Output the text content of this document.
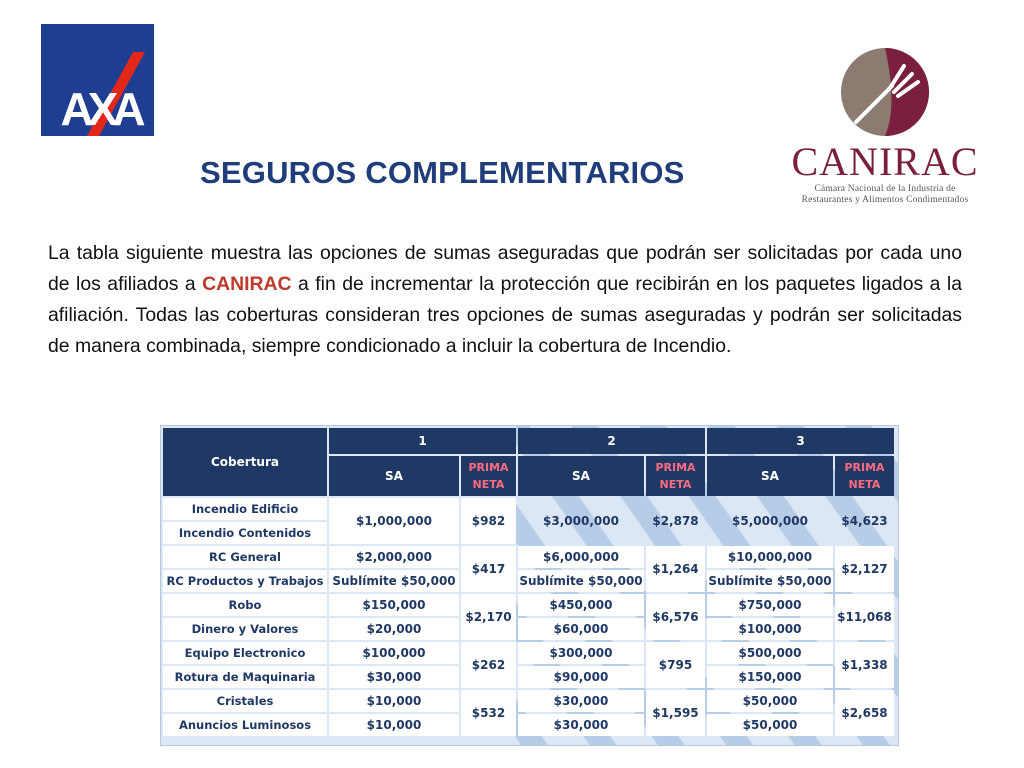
AXA
CANIRAC
Cámara Nacional de la Industria de
Restaurantes y Alimentos Condimentados
SEGUROS COMPLEMENTARIOS

La tabla siguiente muestra las opciones de sumas aseguradas que podrán ser solicitadas por cada uno de los afiliados a CANIRAC a fin de incrementar la protección que recibirán en los paquetes ligados a la afiliación. Todas las coberturas consideran tres opciones de sumas aseguradas y podrán ser solicitadas de manera combinada, siempre condicionado a incluir la cobertura de Incendio.

Cobertura	1		2		3	
	SA	PRIMA NETA	SA	PRIMA NETA	SA	PRIMA NETA
Incendio Edificio	$1,000,000	$982	$3,000,000	$2,878	$5,000,000	$4,623
Incendio Contenidos						
RC General	$2,000,000	$417	$6,000,000	$1,264	$10,000,000	$2,127
RC Productos y Trabajos	Sublímite $50,000		Sublímite $50,000		Sublímite $50,000	
Robo	$150,000	$2,170	$450,000	$6,576	$750,000	$11,068
Dinero y Valores	$20,000		$60,000		$100,000	
Equipo Electronico	$100,000	$262	$300,000	$795	$500,000	$1,338
Rotura de Maquinaria	$30,000		$90,000		$150,000	
Cristales	$10,000	$532	$30,000	$1,595	$50,000	$2,658
Anuncios Luminosos	$10,000		$30,000		$50,000	
